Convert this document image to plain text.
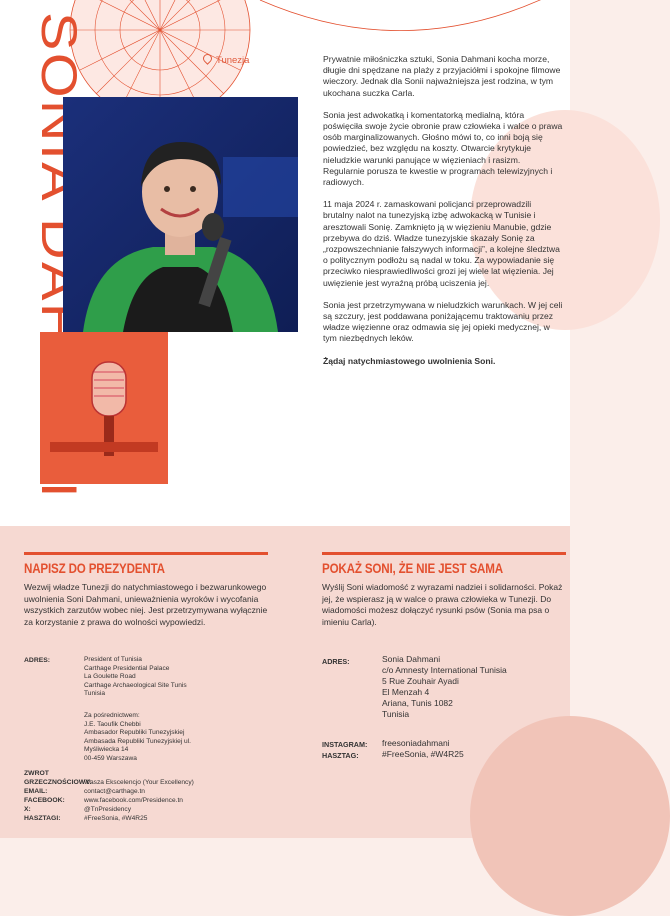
SONIA DAHMANI	Tunezja	Prywatnie miłośniczka sztuki, Sonia Dahmani kocha morze, długie dni spędzane na plaży z przyjaciółmi i spokojne filmowe wieczory. Jednak dla Sonii najważniejsza jest rodzina, w tym ukochana suczka Carla.

Sonia jest adwokatką i komentatorką medialną, która poświęciła swoje życie obronie praw człowieka i walce o prawa osób marginalizowanych. Głośno mówi to, co inni boją się powiedzieć, bez względu na koszty. Otwarcie krytykuje nieludzkie warunki panujące w więzieniach i rasizm. Regularnie porusza te kwestie w programach telewizyjnych i radiowych.

11 maja 2024 r. zamaskowani policjanci przeprowadzili brutalny nalot na tunezyjską izbę adwokacką w Tunisie i aresztowali Sonię. Zamknięto ją w więzieniu Manubie, gdzie przebywa do dziś. Władze tunezyjskie skazały Sonię za „rozpowszechnianie fałszywych informacji”, a kolejne śledztwa o politycznym podłożu są nadal w toku. Za wypowiadanie się przeciwko niesprawiedliwości grozi jej wiele lat więzienia. Jej uwięzienie jest wyraźną próbą uciszenia jej.

Sonia jest przetrzymywana w nieludzkich warunkach. W jej celi są szczury, jest poddawana poniżającemu traktowaniu przez władze więzienne oraz odmawia się jej opieki medycznej, w tym niezbędnych leków.

Żądaj natychmiastowego uwolnienia Soni.

NAPISZ DO PREZYDENTA
Wezwij władze Tunezji do natychmiastowego i bezwarunkowego uwolnienia Soni Dahmani, unieważnienia wyroków i wycofania wszystkich zarzutów wobec niej. Jest przetrzymywana wyłącznie za korzystanie z prawa do wolności wypowiedzi.
ADRES:	President of Tunisia
Carthage Presidential Palace
La Goulette Road
Carthage Archaeological Site Tunis
Tunisia
Za pośrednictwem:
J.E. Taoufik Chebbi
Ambasador Republiki Tunezyjskiej
Ambasada Republiki Tunezyjskiej ul.
Myśliwiecka 14
00-459 Warszawa
ZWROT
GRZECZNOŚCIOWY:
Wasza Ekscelencjo (Your Excellency)
EMAIL:	contact@carthage.tn
FACEBOOK:	www.facebook.com/Presidence.tn
X:	@TnPresidency
HASZTAGI:	#FreeSonia, #W4R25
POKAŻ SONI, ŻE NIE JEST SAMA
Wyślij Soni wiadomość z wyrazami nadziei i solidarności. Pokaż jej, że wspierasz ją w walce o prawa człowieka w Tunezji. Do wiadomości możesz dołączyć rysunki psów (Sonia ma psa o imieniu Carla).
ADRES:	Sonia Dahmani
c/o Amnesty International Tunisia
5 Rue Zouhair Ayadi
El Menzah 4
Ariana, Tunis 1082
Tunisia
INSTAGRAM: freesoniadahmani
HASZTAG:	#FreeSonia, #W4R25
